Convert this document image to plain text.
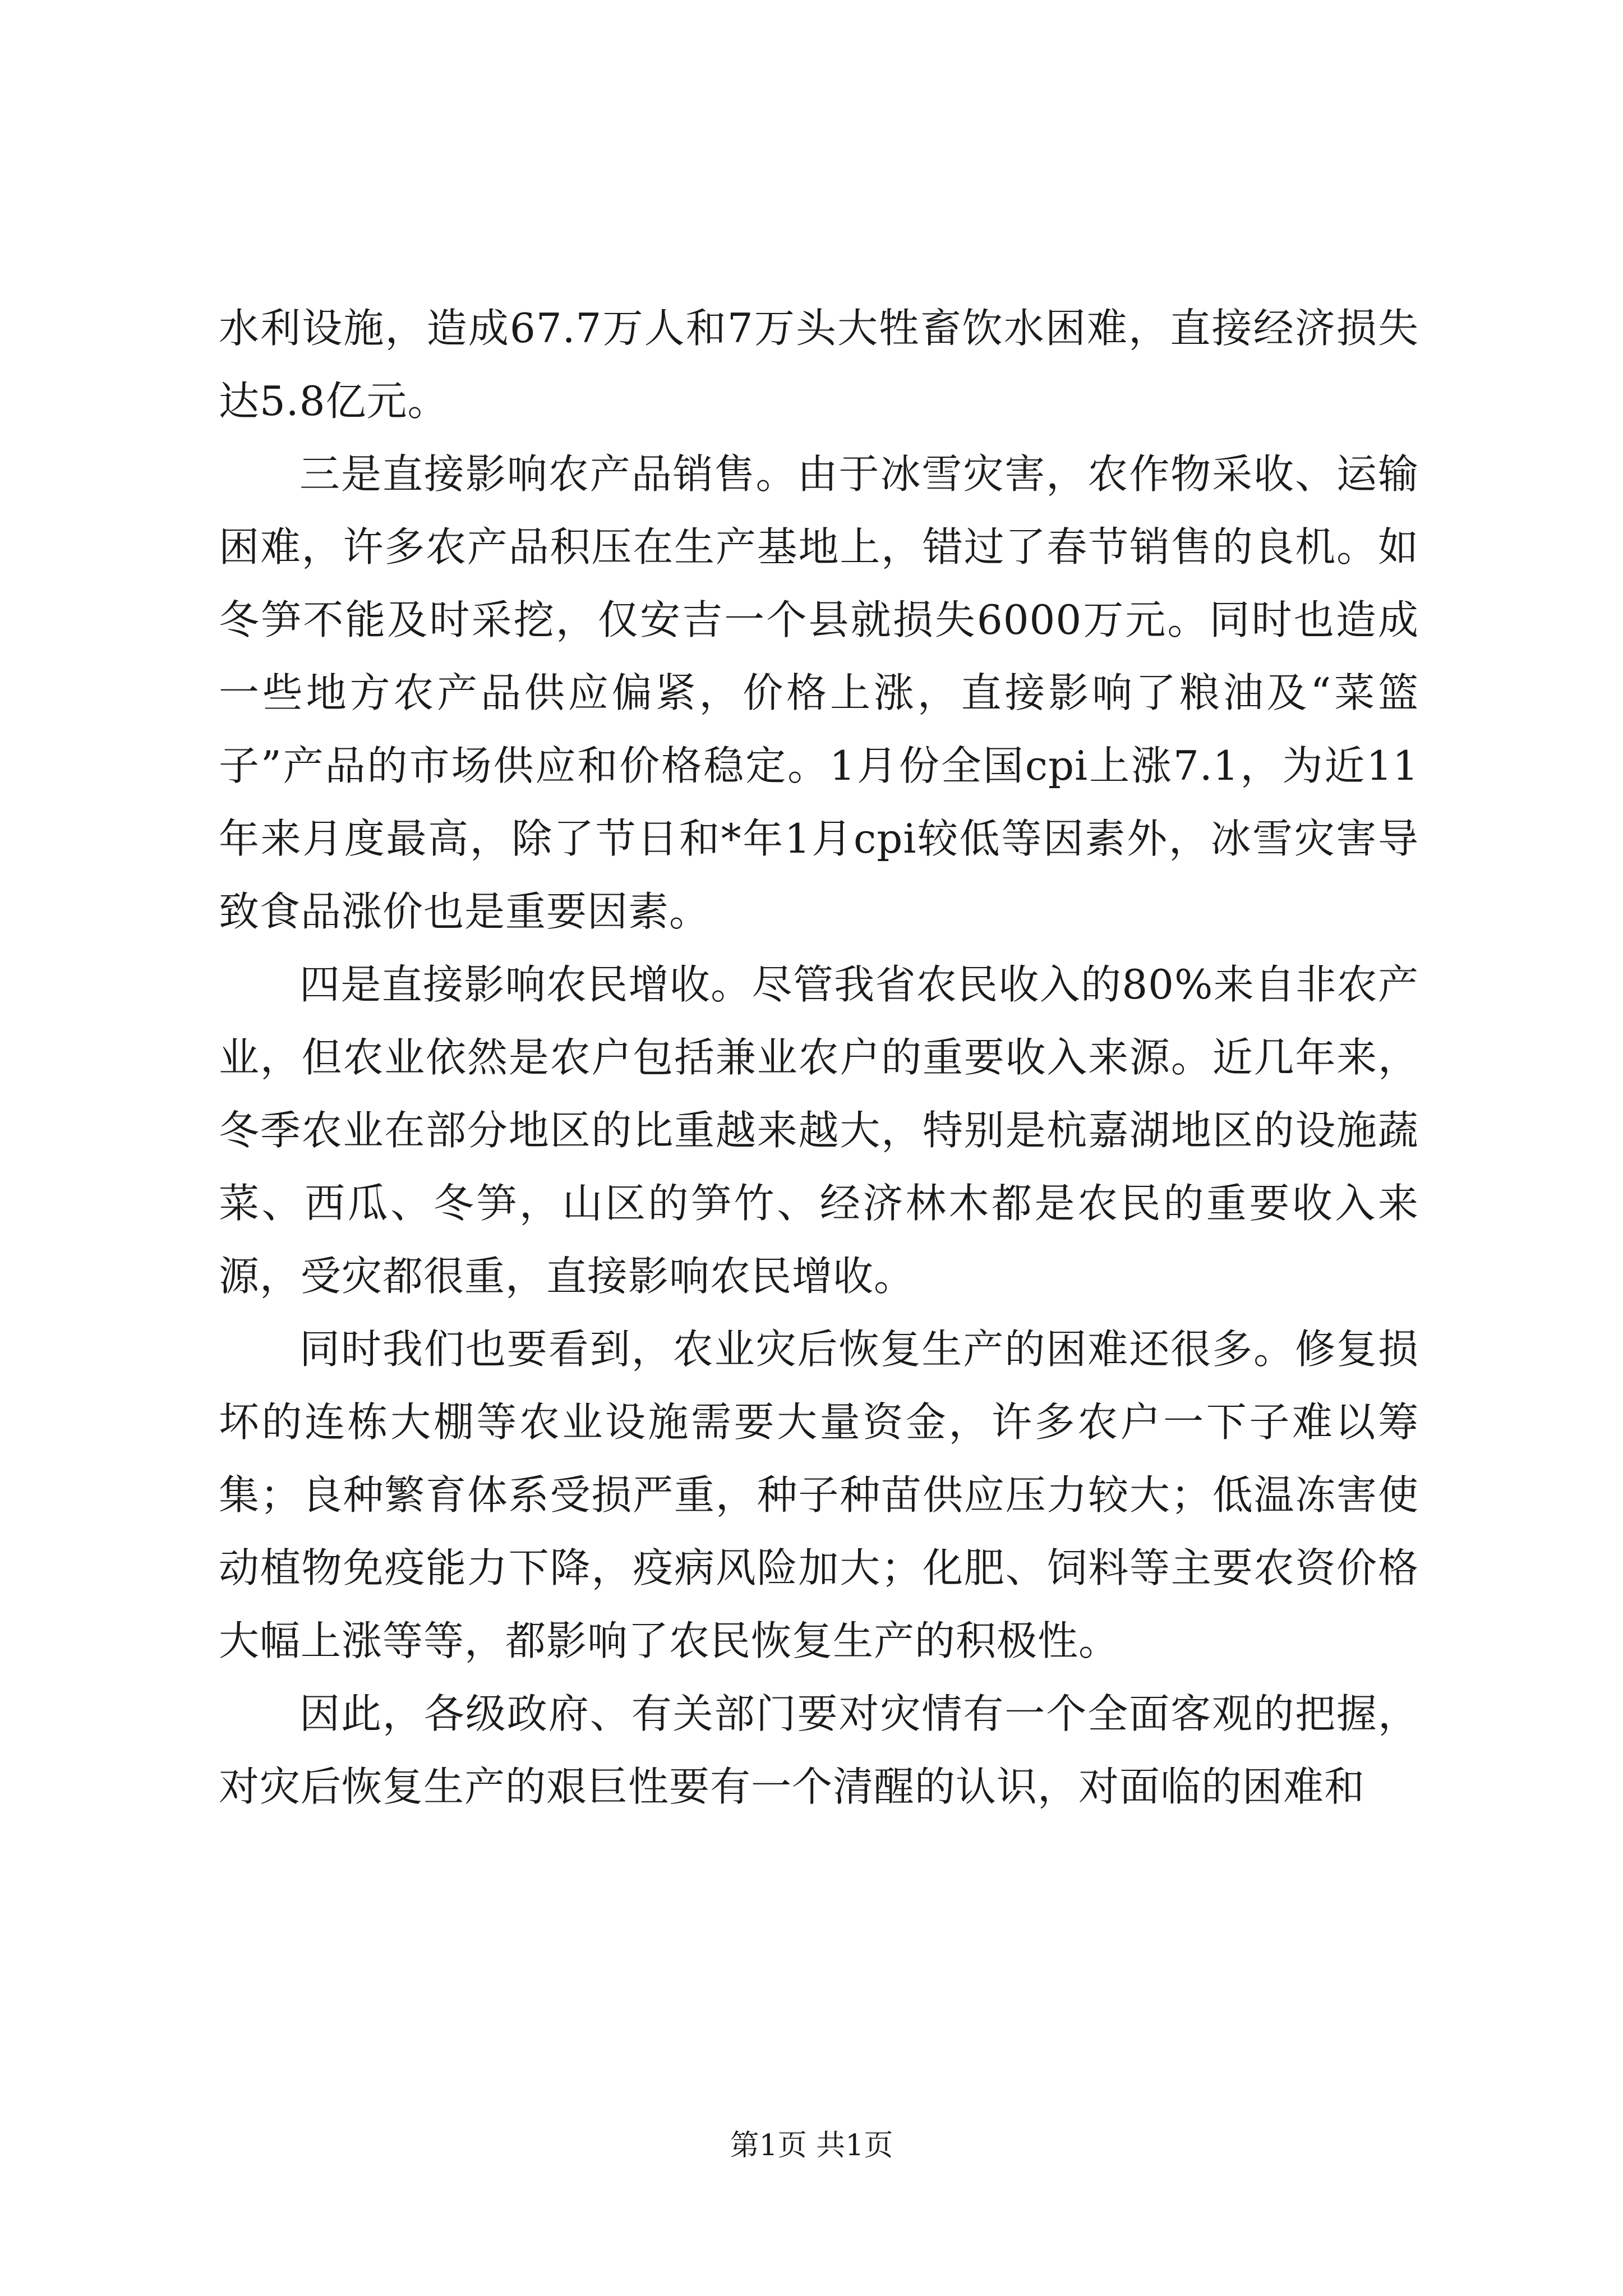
水利设施，造成67.7万人和7万头大牲畜饮水困难，直接经济损失达5.8亿元。

三是直接影响农产品销售。由于冰雪灾害，农作物采收、运输困难，许多农产品积压在生产基地上，错过了春节销售的良机。如冬笋不能及时采挖，仅安吉一个县就损失6000万元。同时也造成一些地方农产品供应偏紧，价格上涨，直接影响了粮油及“菜篮子”产品的市场供应和价格稳定。1月份全国cpi上涨7.1，为近11年来月度最高，除了节日和*年1月cpi较低等因素外，冰雪灾害导致食品涨价也是重要因素。

四是直接影响农民增收。尽管我省农民收入的80%来自非农产业，但农业依然是农户包括兼业农户的重要收入来源。近几年来，冬季农业在部分地区的比重越来越大，特别是杭嘉湖地区的设施蔬菜、西瓜、冬笋，山区的笋竹、经济林木都是农民的重要收入来源，受灾都很重，直接影响农民增收。

同时我们也要看到，农业灾后恢复生产的困难还很多。修复损坏的连栋大棚等农业设施需要大量资金，许多农户一下子难以筹集；良种繁育体系受损严重，种子种苗供应压力较大；低温冻害使动植物免疫能力下降，疫病风险加大；化肥、饲料等主要农资价格大幅上涨等等，都影响了农民恢复生产的积极性。

因此，各级政府、有关部门要对灾情有一个全面客观的把握，对灾后恢复生产的艰巨性要有一个清醒的认识，对面临的困难和

第1页 共1页
